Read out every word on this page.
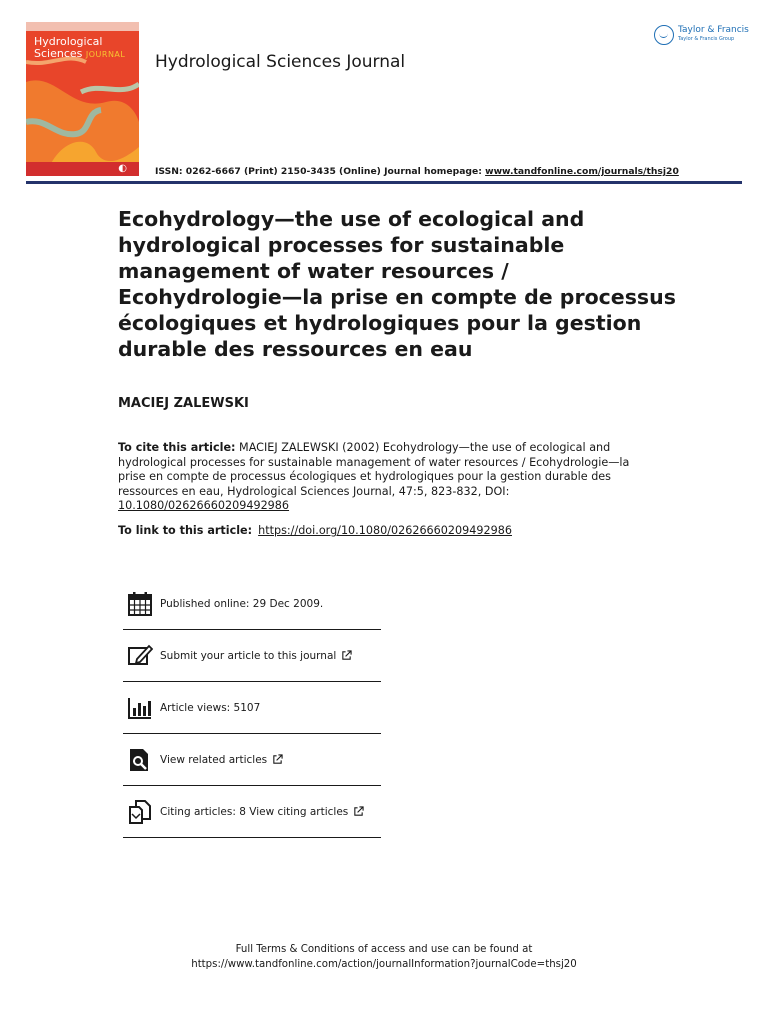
Hydrological
Sciences JOURNAL
◐
Hydrological Sciences Journal
Taylor & Francis
Taylor & Francis Group
ISSN: 0262-6667 (Print) 2150-3435 (Online) Journal homepage: www.tandfonline.com/journals/thsj20
Ecohydrology—the use of ecological and hydrological processes for sustainable management of water resources / Ecohydrologie—la prise en compte de processus écologiques et hydrologiques pour la gestion durable des ressources en eau
MACIEJ ZALEWSKI

To cite this article: MACIEJ ZALEWSKI (2002) Ecohydrology—the use of ecological and hydrological processes for sustainable management of water resources / Ecohydrologie—la prise en compte de processus écologiques et hydrologiques pour la gestion durable des ressources en eau, Hydrological Sciences Journal, 47:5, 823-832, DOI: 10.1080/02626660209492986

To link to this article: https://doi.org/10.1080/02626660209492986
Published online: 29 Dec 2009.
Submit your article to this journal
Article views: 5107
View related articles
Citing articles: 8 View citing articles
Full Terms & Conditions of access and use can be found at
https://www.tandfonline.com/action/journalInformation?journalCode=thsj20
